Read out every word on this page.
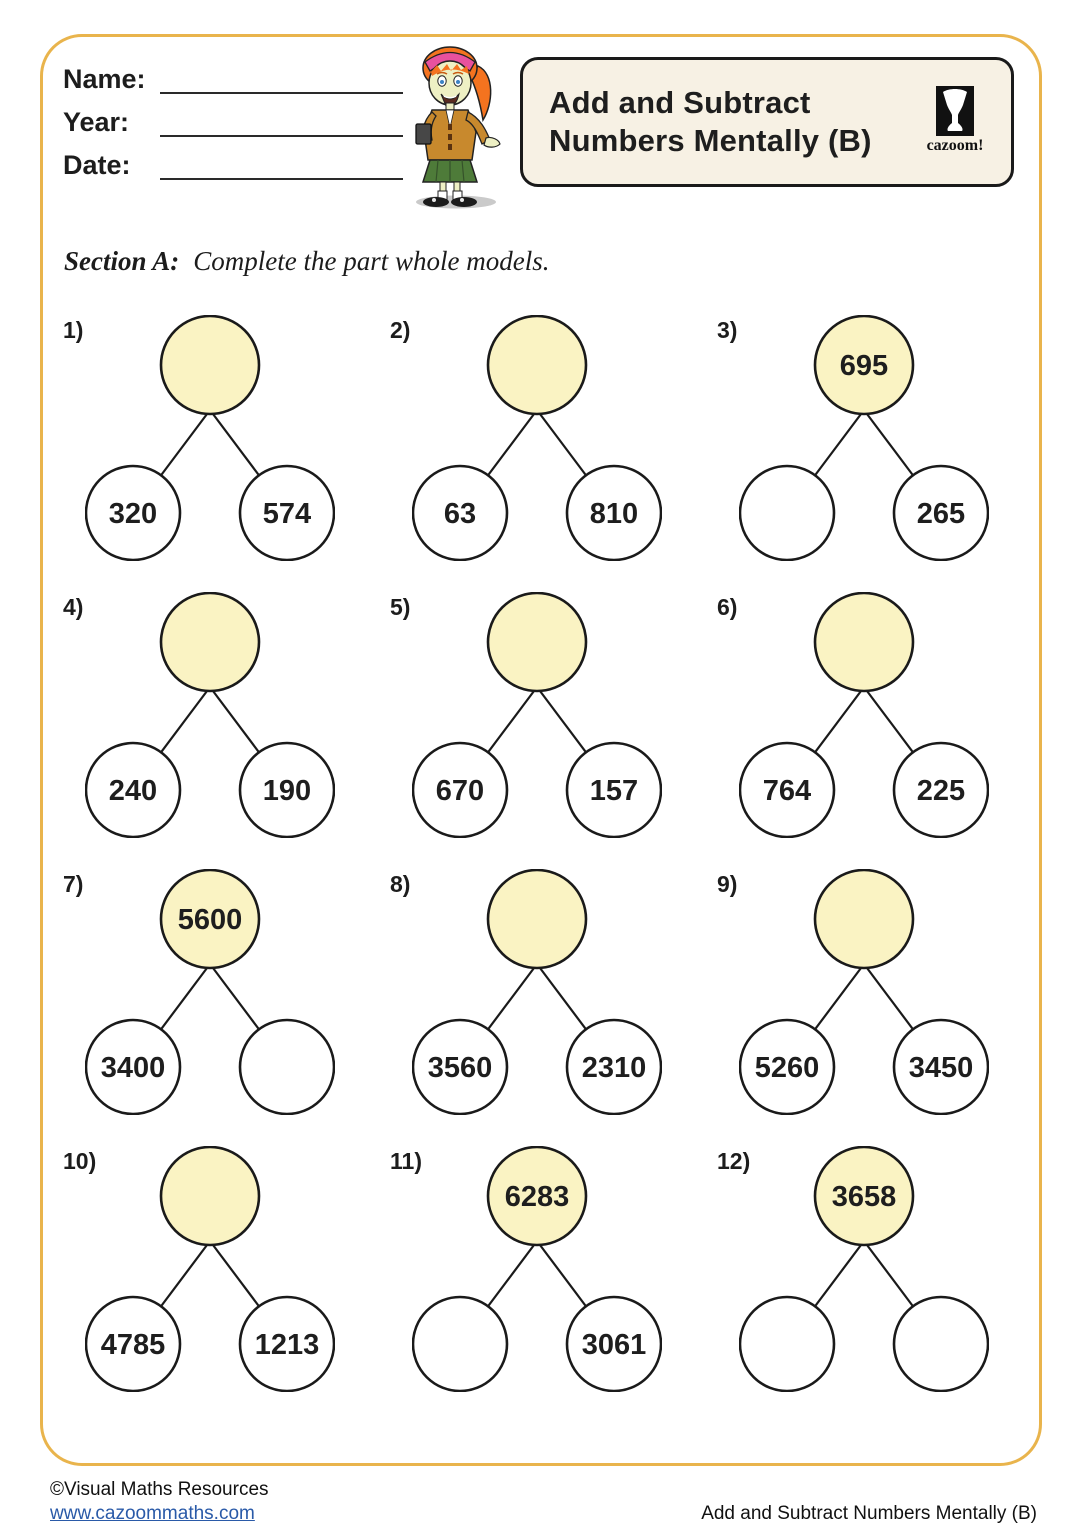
Name:
Year:
Date:
Add and Subtract
Numbers Mentally (B)	cazoom!
Section A: Complete the part whole models.
1)
320	574
2)
63	810
3)
695
265
4)
240	190
5)
670	157
6)
764	225
7)
5600
3400
8)
3560	2310
9)
5260	3450
10)
4785	1213
11)
6283
3061
12)
3658
©Visual Maths Resources
www.cazoommaths.com	Add and Subtract Numbers Mentally (B)
